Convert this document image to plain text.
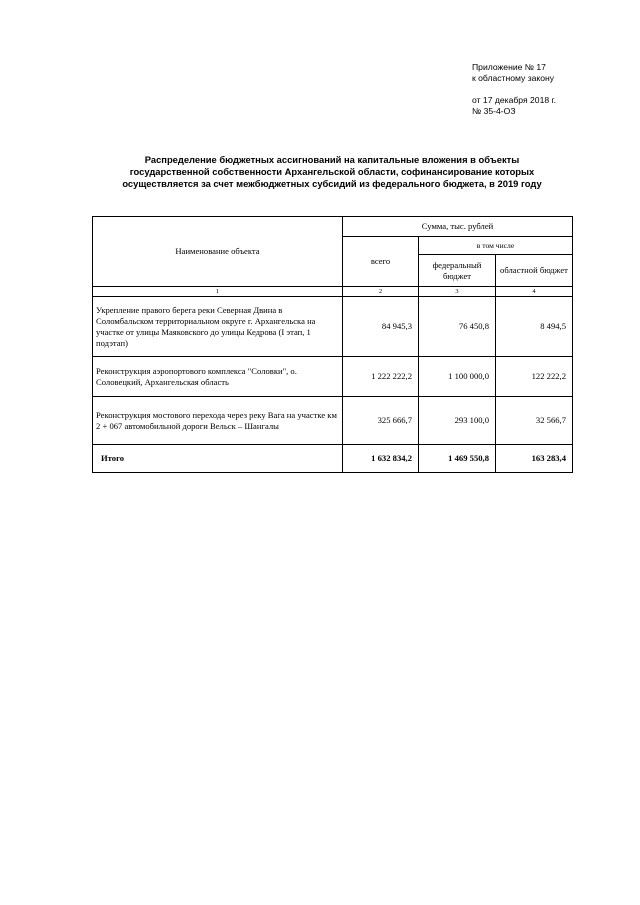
Приложение № 17
к областному закону
от 17 декабря 2018 г.
№ 35-4-ОЗ
Распределение бюджетных ассигнований на капитальные вложения в объекты
государственной собственности Архангельской области, софинансирование которых
осуществляется за счет межбюджетных субсидий из федерального бюджета, в 2019 году
Наименование объекта	Сумма, тыс. рублей		
	всего	в том числе	
		федеральный бюджет	областной бюджет
1	2	3	4
Укрепление правого берега реки Северная Двина в Соломбальском территориальном округе г. Архангельска на участке от улицы Маяковского до улицы Кедрова (I этап, 1 подэтап)	84 945,3	76 450,8	8 494,5
Реконструкция аэропортового комплекса "Соловки", о. Соловецкий, Архангельская область	1 222 222,2	1 100 000,0	122 222,2
Реконструкция мостового перехода через реку Вага на участке км 2 + 067 автомобильной дороги Вельск – Шангалы	325 666,7	293 100,0	32 566,7
Итого	1 632 834,2	1 469 550,8	163 283,4
